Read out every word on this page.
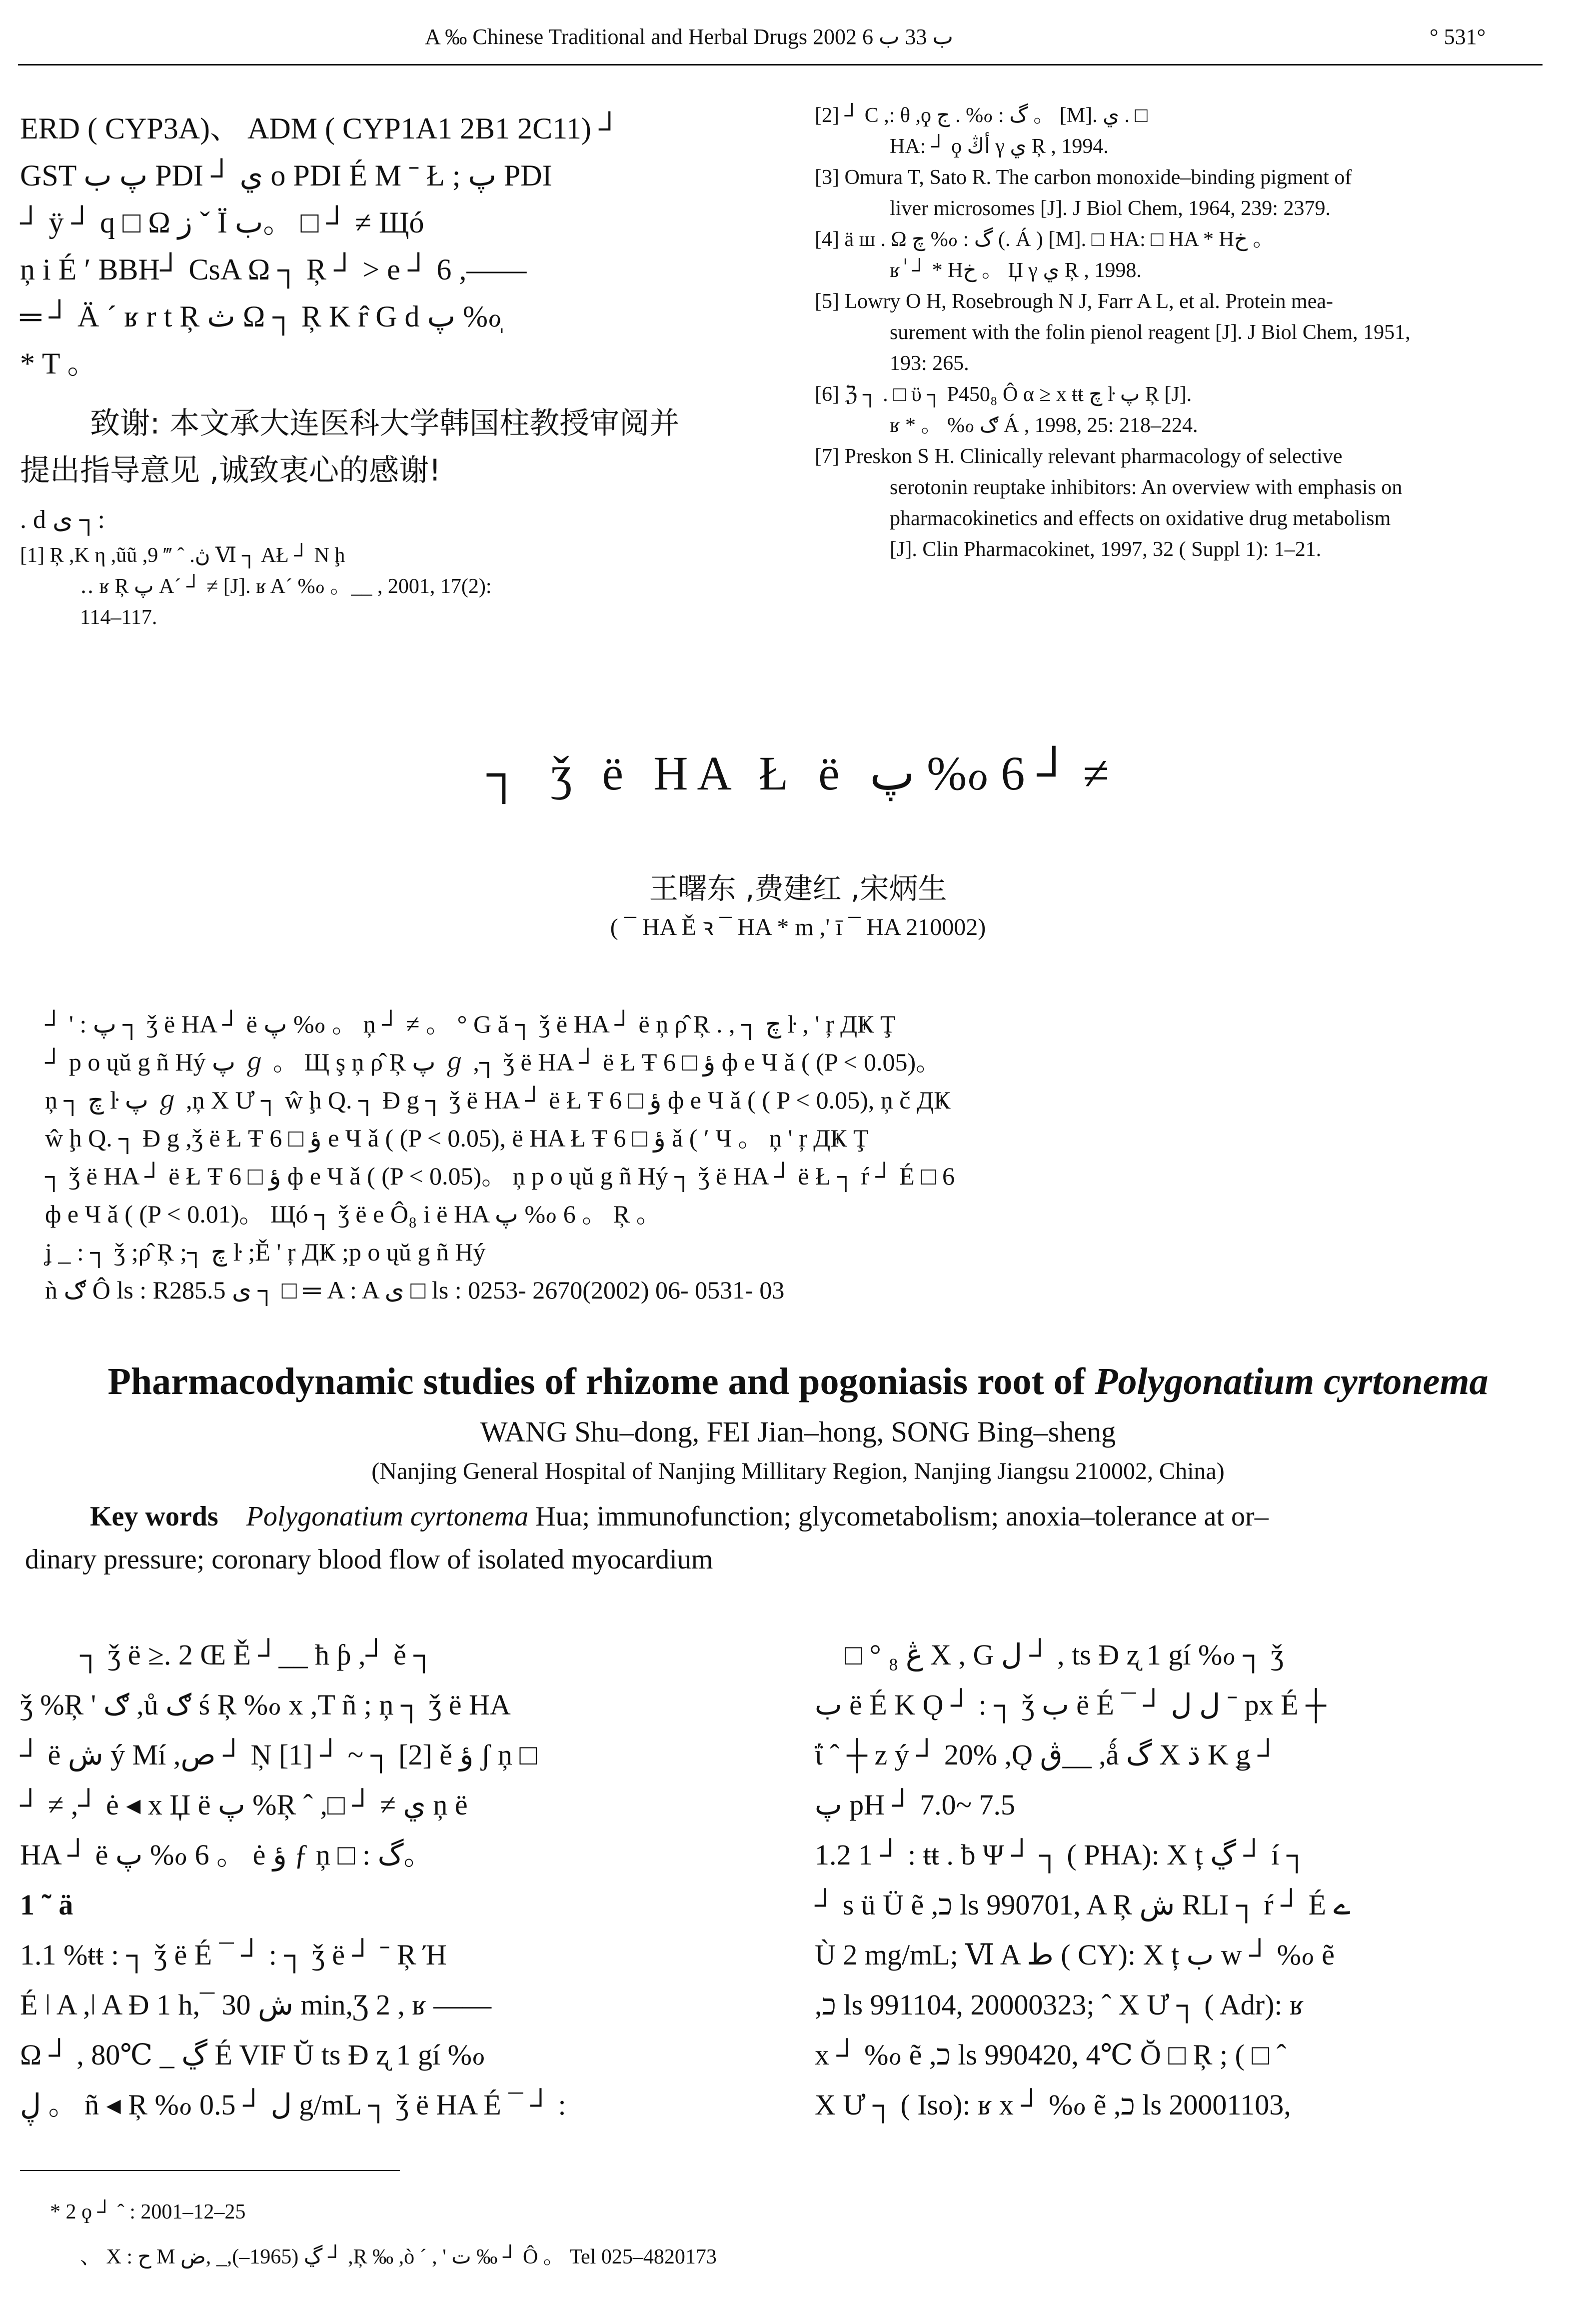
A ‰ Chinese Traditional and Herbal Drugs 2002 ب 33 ب 6	° 531°
ERD ( CYP3A)、 ADM ( CYP1A1 2B1 2C11) ┘
GST پ ب PDI ┘ ي o PDI É M ˉ Ł ; پ PDI
┘ ÿ ┘ q □ Ω ز ˇ Ï ب。 □ ┘ ≠ Щó
ņ i É ′ BBH┘ CsA Ω ┐ Ŗ ┘ > e ┘ 6 ,——
═ ┘ Ä ´ ʁ r t Ŗ ث Ω ┐ Ŗ K r̂ G d پ %ℴ ̩
* T 。
致谢: 本文承大连医科大学韩国柱教授审阅并
提出指导意见 ,诚致衷心的感谢!
. d ى ┐:
[1] Ŗ ,K η ,ũũ ,ڽ. ˆ ‴ 9 Ⅵ ┐ AŁ ┘ N ḩ
‥ ʁ Ŗ پ A´ ┘ ≠ [J]. ʁ A´ %ℴ 。__ , 2001, 17(2):
114–117.
[2] ┘ C ,: θ ,ϙ ج . %ℴ : گ 。 [M]. ي . □
HA: ┘ ϙ أڭ γ ي Ŗ , 1994.
[3] Omura T, Sato R. The carbon monoxide–binding pigment of
liver microsomes [J]. J Biol Chem, 1964, 239: 2379.
[4] ä ш . Ω چ %ℴ : گ (. Á ) [M]. □ HA: □ HA * Hخ 。
ʁ ٰ ┘ * Hخ 。 Џ γ ي Ŗ , 1998.
[5] Lowry O H, Rosebrough N J, Farr A L, et al. Protein mea-
surement with the folin pienol reagent [J]. J Biol Chem, 1951,
193: 265.
[6] ℨ ┐ . □ ϋ ┐ P450₈ Ô α ≥ x ŧŧ چ ŀ پ Ŗ [J].
ʁ * 。 %ℴ ګ Á , 1998, 25: 218–224.
[7] Preskon S H. Clinically relevant pharmacology of selective
serotonin reuptake inhibitors: An overview with emphasis on
pharmacokinetics and effects on oxidative drug metabolism
[J]. Clin Pharmacokinet, 1997, 32 ( Suppl 1): 1–21.
┐ ǯ ë HA Ł ë پ %ℴ 6 ┘ ≠
王曙东 ,费建红 ,宋炳生
( ¯ HA Ě ꝛ ¯ HA * m ,' ī ¯ HA 210002)
┘ ' : پ ┐ ǯ ë HA ┘ ë پ %ℴ 。 ņ ┘ ≠ 。 ° G ă ┐ ǯ ë HA ┘ ë ņ ρ̂ Ŗ . , ┐ چ ŀ , ' ŗ ДҜ Ţ
┘ p o ųŭ g ñ Hý پ ℊ 。 Щ ş ņ ρ̂ Ŗ پ ℊ ,┐ ǯ ë HA ┘ ë Ł Ŧ ؤ □ 6 ф e Ч ǎ ( (P < 0.05)。
ņ ┐ چ ŀ پ ℊ ,ņ X Ư ┐ ŵ ḩ Q. ┐ Ɖ g ┐ ǯ ë HA ┘ ë Ł Ŧ ؤ □ 6 ф e Ч ǎ ( ( P < 0.05), ņ č ДҜ
ŵ ḩ Q. ┐ Ɖ g ,ǯ ë Ł Ŧ ؤ □ 6 e Ч ǎ ( (P < 0.05), ë HA Ł Ŧ ؤ □ 6 ǎ ( ′ Ч 。 ņ ' ŗ ДҜ Ţ
┐ ǯ ë HA ┘ ë Ł Ŧ ؤ □ 6 ф e Ч ǎ ( (P < 0.05)。 ņ p o ųŭ g ñ Hý ┐ ǯ ë HA ┘ ë Ł ┐ ŕ ┘ É □ 6
ф e Ч ǎ ( (P < 0.01)。 Щó ┐ ǯ ë e Ô₈ i ë HA پ %ℴ 6 。 Ŗ 。
ʝ _ : ┐ ǯ ;ρ̂ Ŗ ;┐ چ ŀ ;Ě ' ŗ ДҜ ;p o ųŭ g ñ Hý
ǹ ګ Ô ls : R285.5 ى ┐ □ ═ A : A ى □ ls : 0253- 2670(2002) 06- 0531- 03
Pharmacodynamic studies of rhizome and pogoniasis root of Polygonatium cyrtonema
WANG Shu–dong, FEI Jian–hong, SONG Bing–sheng
(Nanjing General Hospital of Nanjing Millitary Region, Nanjing Jiangsu 210002, China)
Key words Polygonatium cyrtonema Hua; immunofunction; glycometabolism; anoxia–tolerance at or–
dinary pressure; coronary blood flow of isolated myocardium
┐ ǯ ë ≥. 2 Œ Ě ┘__ ħ ƥ ,┘ ě ┐
ǯ %Ŗ ' ګ ,ů ګ ś Ŗ %ℴ x ,T ñ ; ņ ┐ ǯ ë HA
┘ ë ش ý Mí ,ص ┘ Ņ [1] ┘ ~ ┐ [2] ě ؤ ʃ ņ □
┘ ≠ ,┘ ė ◂ x Џ ë پ %Ŗ ˆ ,□ ┘ ≠ ي ņ ë
HA ┘ ë پ %ℴ 6 。 ė ؤ ƒ ņ □ : گ。
1 ˜ ä
1.1 %ŧŧ : ┐ ǯ ë É ¯ ┘ : ┐ ǯ ë ┘ ˉ Ŗ Ή
É ǀ A ,ǀ A Ɖ 1 h,¯ ش 30 min,Ʒ 2 , ʁ ——
Ω ┘ , 80℃ _ ڲ É VIF Ŭ ts Ɖ ʐ 1 gí %ℴ
ڸ 。 ñ ◂ Ŗ %ℴ ل ┘ 0.5 g/mL ┐ ǯ ë HA É ¯ ┘ :
□ ° ڠ ₈ X , G ل ┘ , ts Ɖ ʐ 1 gí %ℴ ┐ ǯ
ب ë É K Ǫ ┘ : ┐ ǯ ب ë É ¯ ┘ ل ل ˉ px É ┼
ΐ ˆ ┼ z ý ┘ 20% ,Ǫ ڨ__ ,ǻ گ X ڌ K ǥ ┘
پ pH ┘ 7.0~ 7.5
1.2 1 ┘ : ŧŧ . ƀ Ψ ┘ ┐ ( PHA): X ț ڲ ┘ í ┐
┘ s ü Ü ẽ ,ﬤ ls 990701, A Ŗ ش RLI ┐ ŕ ┘ É ے
Ù 2 mg/mL; Ⅵ A ط ( CY): X ț ب w ┘ %ℴ ẽ
,ﬤ ls 991104, 20000323; ˆ X Ư ┐ ( Adr): ʁ
x ┘ %ℴ ẽ ,ﬤ ls 990420, 4℃ Ŏ □ Ŗ ; ( □ ˆ
X Ư ┐ ( Iso): ʁ x ┘ %ℴ ẽ ,ﬤ ls 20001103,
* 2 ϙ ┘ ˆ : 2001–12–25
、 X : ح M ڲ (1965–),_ ,ض ┘ ,Ŗ ‰ ,ò ´ , ' ت ‰ ┘ Ô 。 Tel 025–4820173
